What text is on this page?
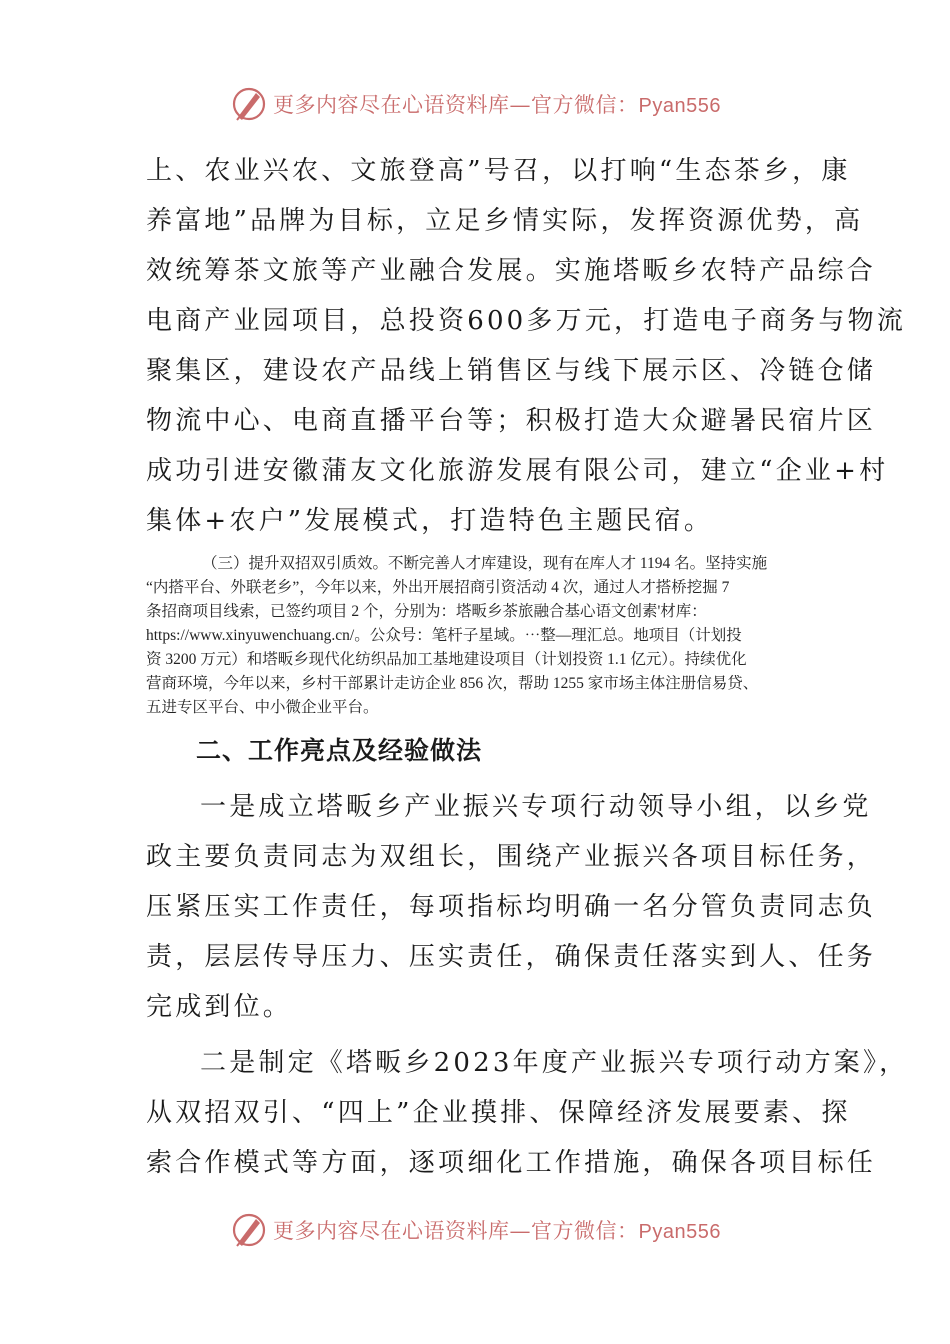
更多内容尽在心语资料库—官方微信：Pyan556

上、农业兴农、文旅登高”号召，以打响“生态茶乡，康
养富地”品牌为目标，立足乡情实际，发挥资源优势，高
效统筹茶文旅等产业融合发展。实施塔畈乡农特产品综合
电商产业园项目，总投资600多万元，打造电子商务与物流
聚集区，建设农产品线上销售区与线下展示区、冷链仓储
物流中心、电商直播平台等；积极打造大众避暑民宿片区
成功引进安徽蒲友文化旅游发展有限公司，建立“企业+村
集体+农户”发展模式，打造特色主题民宿。

（三）提升双招双引质效。不断完善人才库建设，现有在库人才 1194 名。坚持实施
“内搭平台、外联老乡”，今年以来，外出开展招商引资活动 4 次，通过人才搭桥挖掘 7
条招商项目线索，已签约项目 2 个，分别为：塔畈乡茶旅融合基心语文创素'材库：
https://www.xinyuwenchuang.cn/。公众号：笔杆子星域。⋯整—理汇总。地项目（计划投
资 3200 万元）和塔畈乡现代化纺织品加工基地建设项目（计划投资 1.1 亿元）。持续优化
营商环境，今年以来，乡村干部累计走访企业 856 次，帮助 1255 家市场主体注册信易贷、
五进专区平台、中小微企业平台。

二、工作亮点及经验做法

一是成立塔畈乡产业振兴专项行动领导小组，以乡党
政主要负责同志为双组长，围绕产业振兴各项目标任务，
压紧压实工作责任，每项指标均明确一名分管负责同志负
责，层层传导压力、压实责任，确保责任落实到人、任务
完成到位。

二是制定《塔畈乡2023年度产业振兴专项行动方案》，
从双招双引、“四上”企业摸排、保障经济发展要素、探
索合作模式等方面，逐项细化工作措施，确保各项目标任

更多内容尽在心语资料库—官方微信：Pyan556
